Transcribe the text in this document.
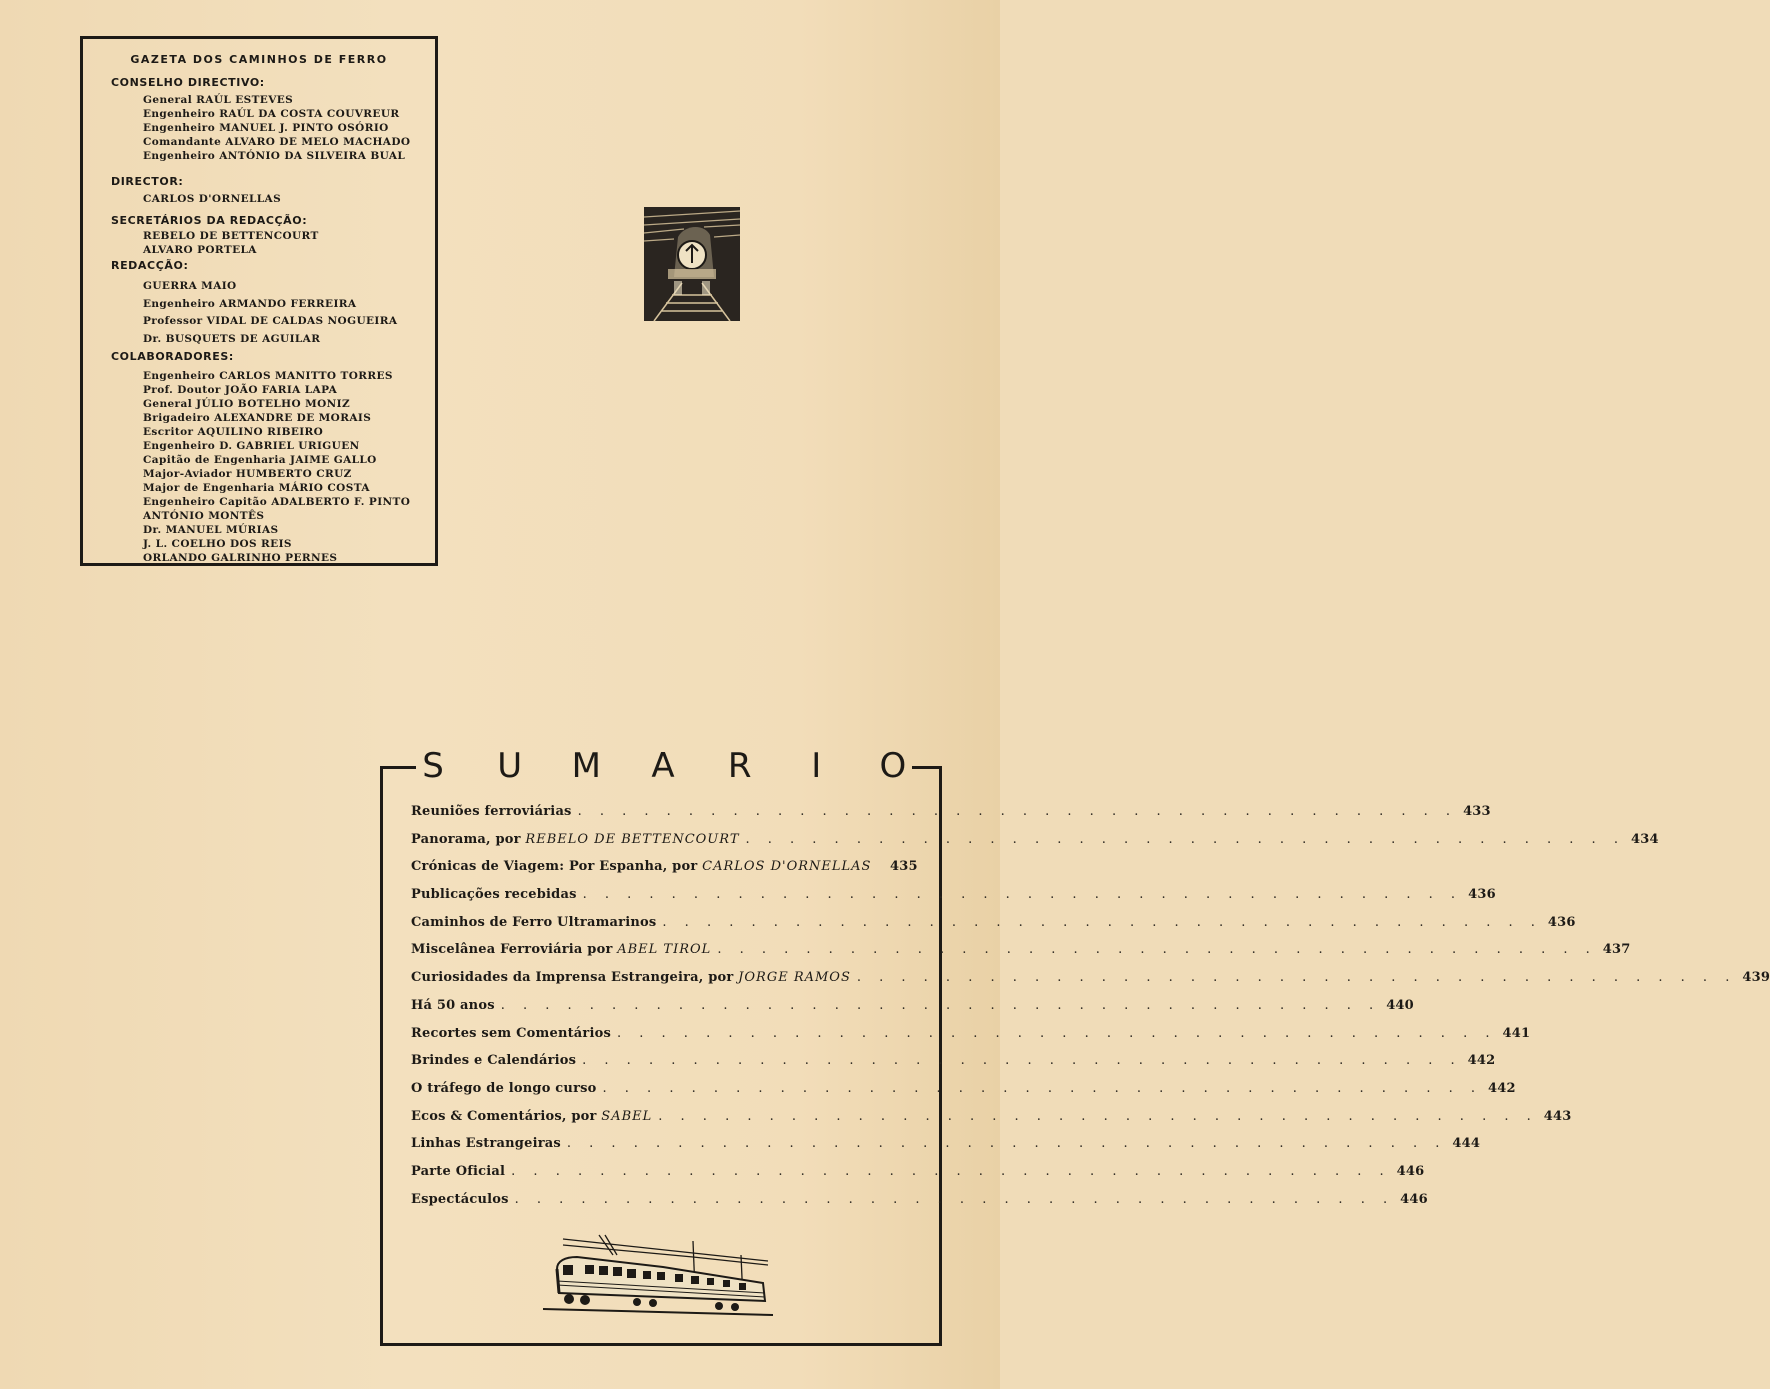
GAZETA DOS CAMINHOS DE FERRO
CONSELHO DIRECTIVO:
General RAÚL ESTEVES
Engenheiro RAÚL DA COSTA COUVREUR
Engenheiro MANUEL J. PINTO OSÓRIO
Comandante ALVARO DE MELO MACHADO
Engenheiro ANTÓNIO DA SILVEIRA BUAL
DIRECTOR:
CARLOS D'ORNELLAS
SECRETÁRIOS DA REDACÇÃO:
REBELO DE BETTENCOURT
ALVARO PORTELA
REDACÇÃO:
GUERRA MAIO
Engenheiro ARMANDO FERREIRA
Professor VIDAL DE CALDAS NOGUEIRA
Dr. BUSQUETS DE AGUILAR
COLABORADORES:
Engenheiro CARLOS MANITTO TORRES
Prof. Doutor JOÃO FARIA LAPA
General JÚLIO BOTELHO MONIZ
Brigadeiro ALEXANDRE DE MORAIS
Escritor AQUILINO RIBEIRO
Engenheiro D. GABRIEL URIGUEN
Capitão de Engenharia JAIME GALLO
Major-Aviador HUMBERTO CRUZ
Major de Engenharia MÁRIO COSTA
Engenheiro Capitão ADALBERTO F. PINTO
ANTÓNIO MONTÊS
Dr. MANUEL MÚRIAS
J. L. COELHO DOS REIS
ORLANDO GALRINHO PERNES
S U M A R	I	O
Reuniões ferroviárias . . . . . . . . . . . . . . . . . . . . . . . . . . . . . . . . . . . . . . . . 433
Panorama, por REBELO DE BETTENCOURT . . . . . . . . . . . . . . . . . . . . . . . . . . . . . . . . . . . . . . . . 434
Crónicas de Viagem: Por Espanha, por CARLOS D'ORNELLAS 435
Publicações recebidas . . . . . . . . . . . . . . . . . . . . . . . . . . . . . . . . . . . . . . . . 436
Caminhos de Ferro Ultramarinos . . . . . . . . . . . . . . . . . . . . . . . . . . . . . . . . . . . . . . . . 436
Miscelânea Ferroviária por ABEL TIROL . . . . . . . . . . . . . . . . . . . . . . . . . . . . . . . . . . . . . . . . 437
Curiosidades da Imprensa Estrangeira, por JORGE RAMOS . . . . . . . . . . . . . . . . . . . . . . . . . . . . . . . . . . . . . . . . 439
Há 50 anos . . . . . . . . . . . . . . . . . . . . . . . . . . . . . . . . . . . . . . . . 440
Recortes sem Comentários . . . . . . . . . . . . . . . . . . . . . . . . . . . . . . . . . . . . . . . . 441
Brindes e Calendários . . . . . . . . . . . . . . . . . . . . . . . . . . . . . . . . . . . . . . . . 442
O tráfego de longo curso . . . . . . . . . . . . . . . . . . . . . . . . . . . . . . . . . . . . . . . . 442
Ecos & Comentários, por SABEL . . . . . . . . . . . . . . . . . . . . . . . . . . . . . . . . . . . . . . . . 443
Linhas Estrangeiras . . . . . . . . . . . . . . . . . . . . . . . . . . . . . . . . . . . . . . . . 444
Parte Oficial . . . . . . . . . . . . . . . . . . . . . . . . . . . . . . . . . . . . . . . . 446
Espectáculos . . . . . . . . . . . . . . . . . . . . . . . . . . . . . . . . . . . . . . . . 446
